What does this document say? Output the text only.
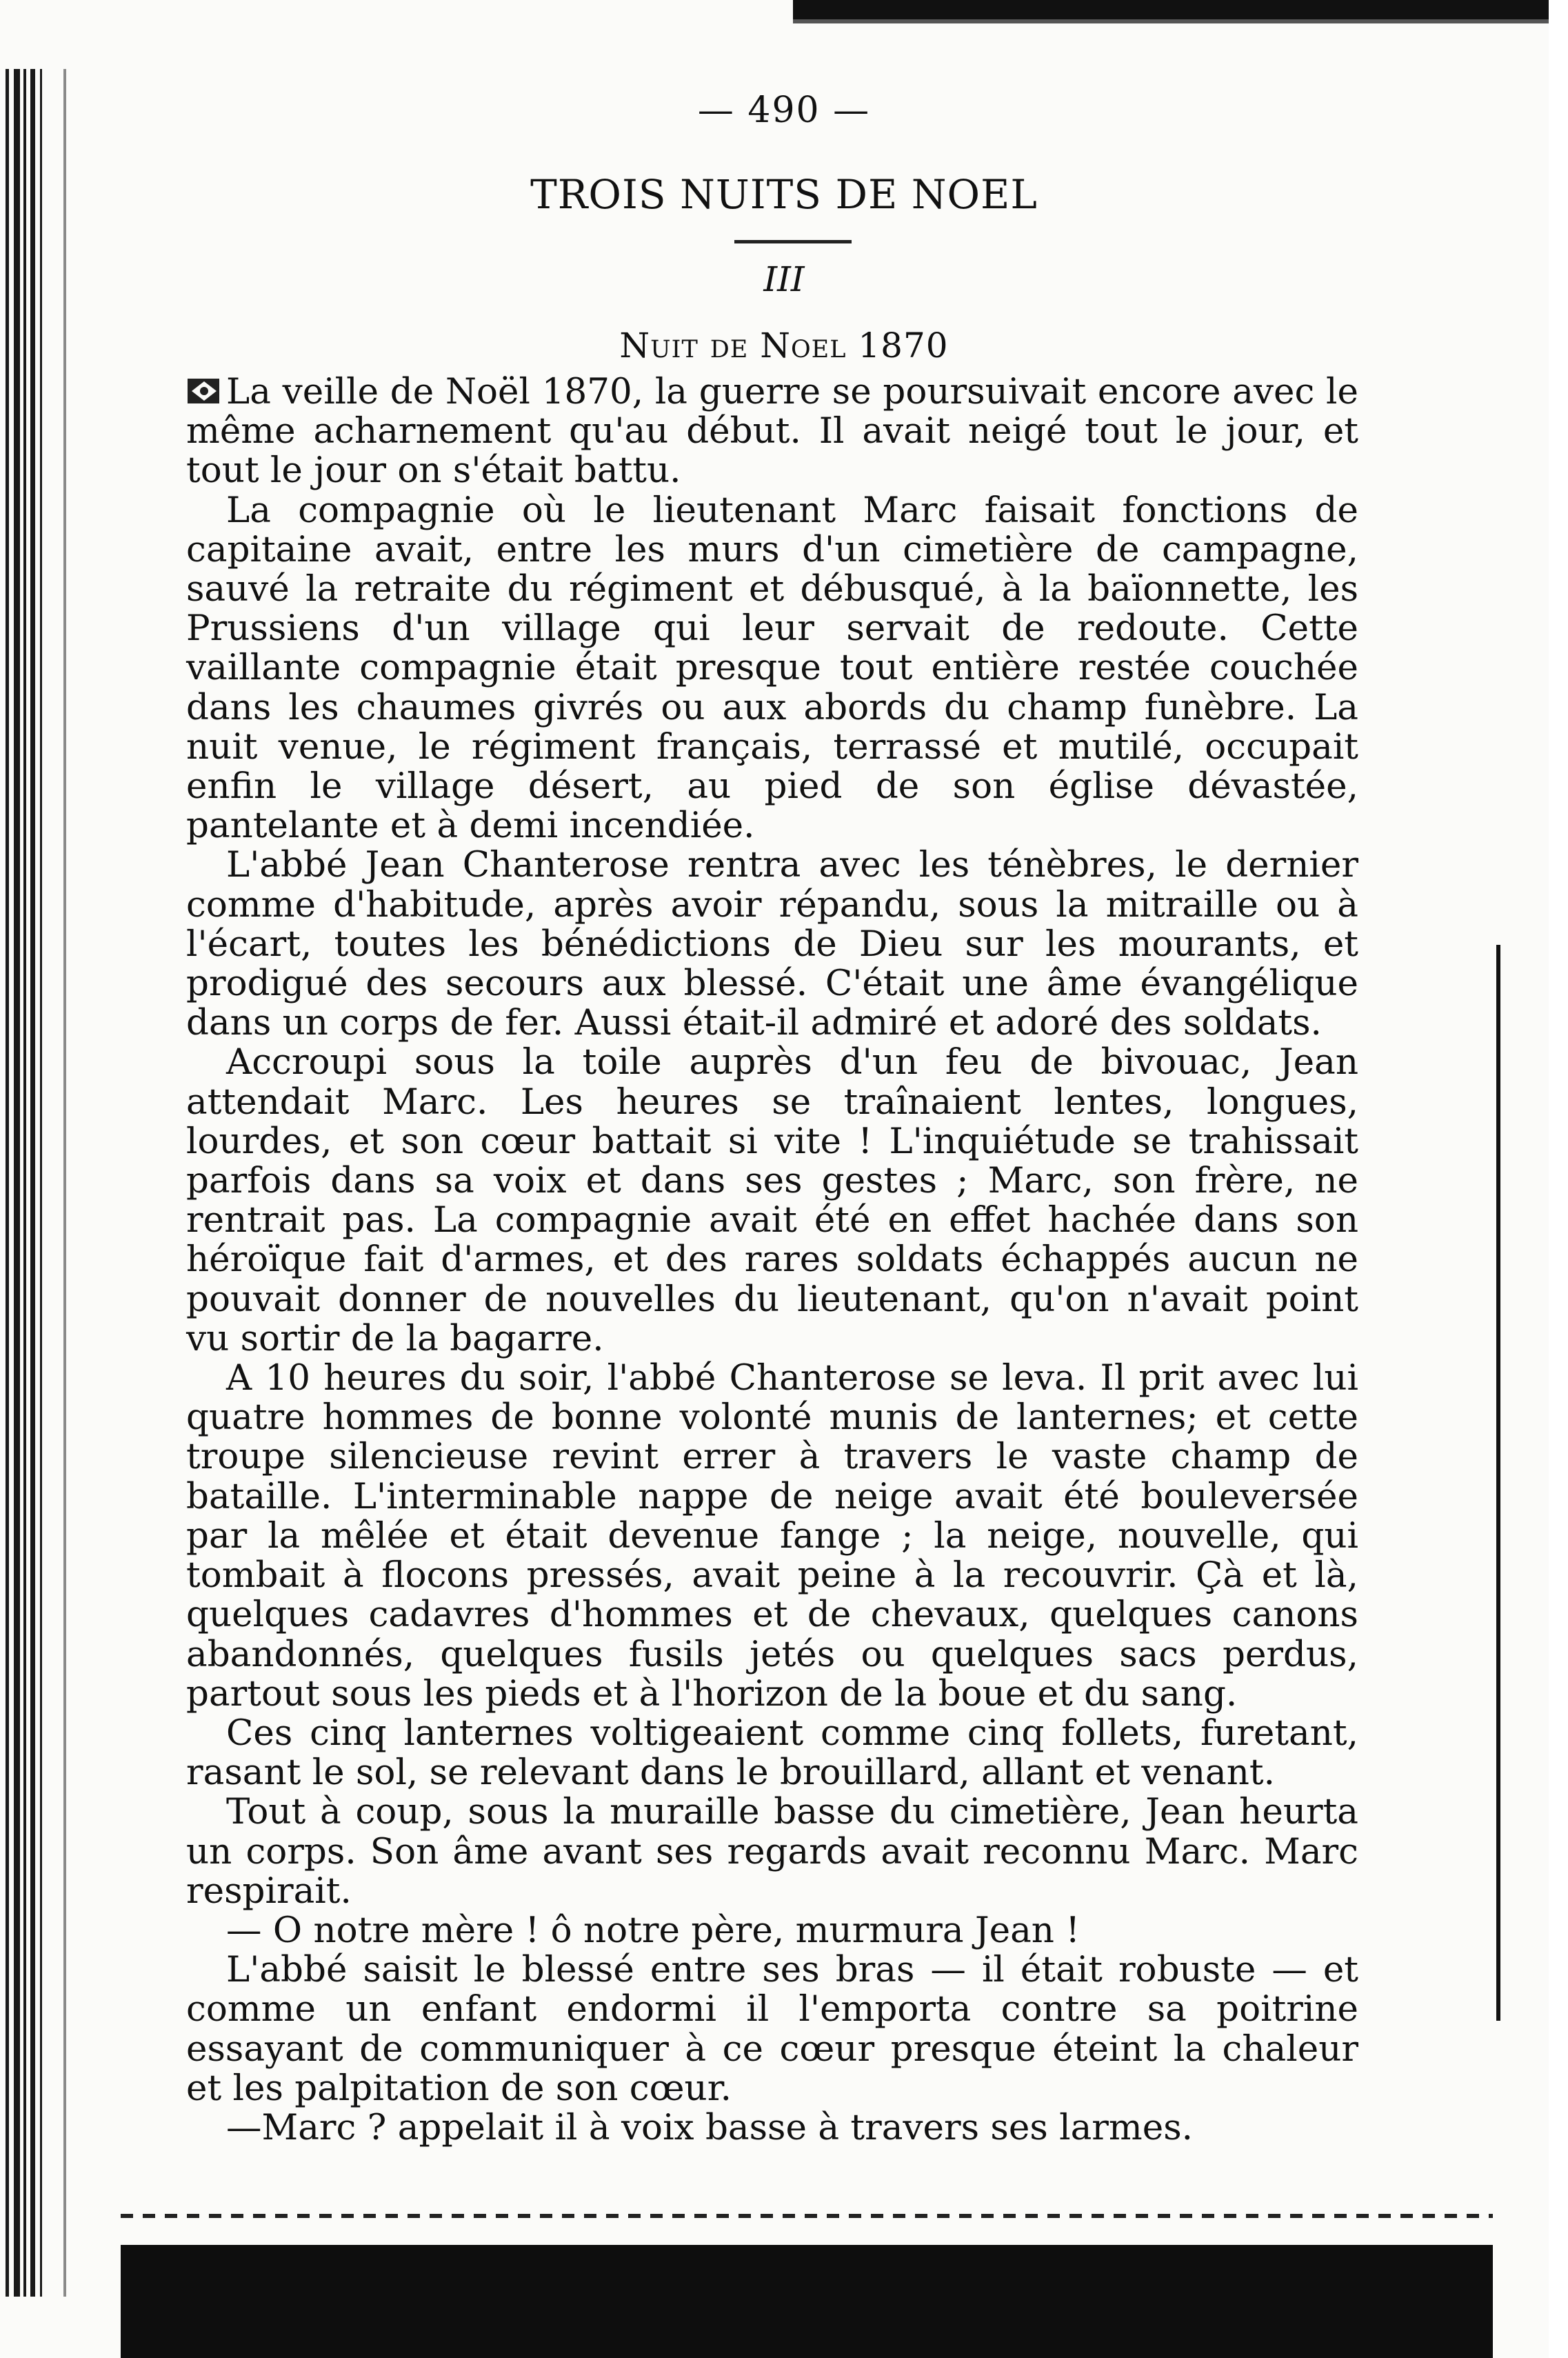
— 490 —
TROIS NUITS DE NOEL
III
Nuit de Noel 1870

La veille de Noël 1870, la guerre se poursuivait encore avec le même acharnement qu'au début. Il avait neigé tout le jour, et tout le jour on s'était battu.

La compagnie où le lieutenant Marc faisait fonctions de capitaine avait, entre les murs d'un cimetière de campagne, sauvé la retraite du régiment et débusqué, à la baïonnette, les Prussiens d'un village qui leur servait de redoute. Cette vaillante compagnie était presque tout entière restée couchée dans les chaumes givrés ou aux abords du champ funèbre. La nuit venue, le régiment français, terrassé et mutilé, occupait enfin le village désert, au pied de son église dévastée, pantelante et à demi incendiée.

L'abbé Jean Chanterose rentra avec les ténèbres, le dernier comme d'habitude, après avoir répandu, sous la mitraille ou à l'écart, toutes les bénédictions de Dieu sur les mourants, et prodigué des secours aux blessé. C'était une âme évangélique dans un corps de fer. Aussi était-il admiré et adoré des soldats.

Accroupi sous la toile auprès d'un feu de bivouac, Jean attendait Marc. Les heures se traînaient lentes, longues, lourdes, et son cœur battait si vite ! L'inquiétude se trahissait parfois dans sa voix et dans ses gestes ; Marc, son frère, ne rentrait pas. La compagnie avait été en effet hachée dans son héroïque fait d'armes, et des rares soldats échappés aucun ne pouvait donner de nouvelles du lieutenant, qu'on n'avait point vu sortir de la bagarre.

A 10 heures du soir, l'abbé Chanterose se leva. Il prit avec lui quatre hommes de bonne volonté munis de lanternes; et cette troupe silencieuse revint errer à travers le vaste champ de bataille. L'interminable nappe de neige avait été bouleversée par la mêlée et était devenue fange ; la neige, nouvelle, qui tombait à flocons pressés, avait peine à la recouvrir. Çà et là, quelques cadavres d'hommes et de chevaux, quelques canons abandonnés, quelques fusils jetés ou quelques sacs perdus, partout sous les pieds et à l'horizon de la boue et du sang.

Ces cinq lanternes voltigeaient comme cinq follets, furetant, rasant le sol, se relevant dans le brouillard, allant et venant.

Tout à coup, sous la muraille basse du cimetière, Jean heurta un corps. Son âme avant ses regards avait reconnu Marc. Marc respirait.

— O notre mère ! ô notre père, murmura Jean !

L'abbé saisit le blessé entre ses bras — il était robuste — et comme un enfant endormi il l'emporta contre sa poitrine essayant de communiquer à ce cœur presque éteint la chaleur et les palpitation de son cœur.

—Marc ? appelait il à voix basse à travers ses larmes.
